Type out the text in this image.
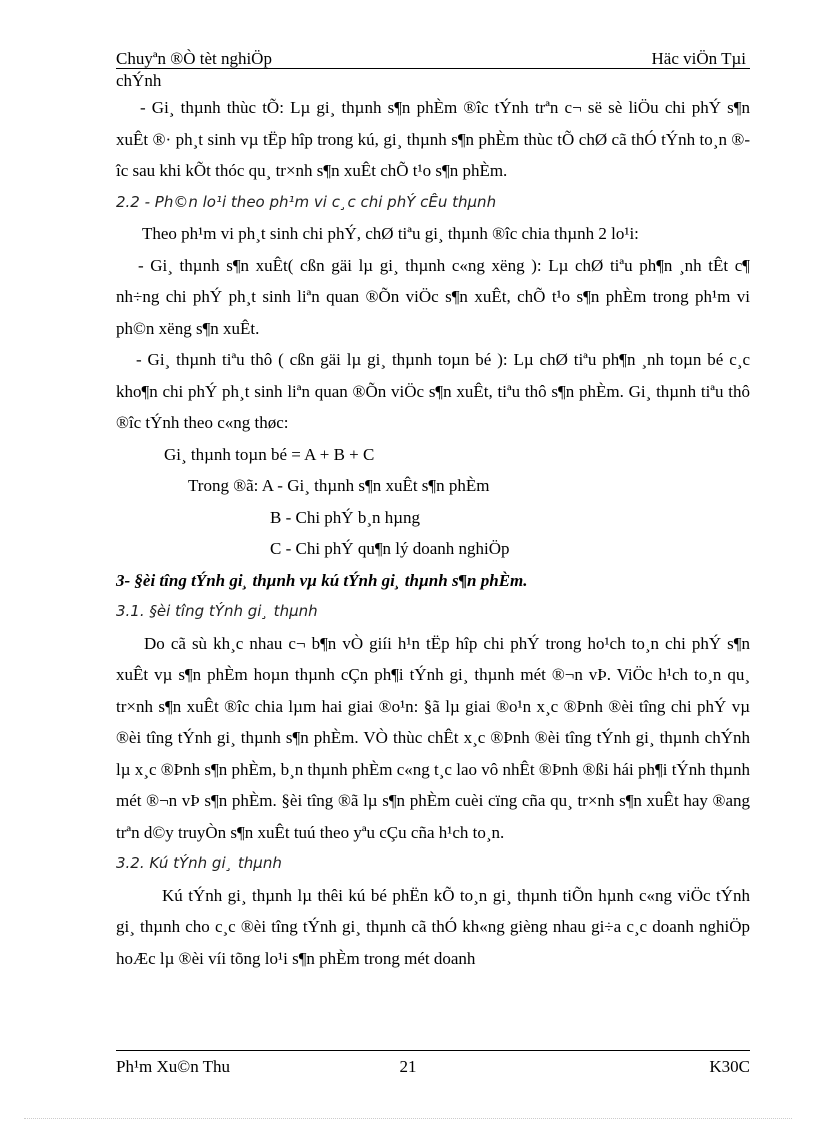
Chuyªn ®Ò tèt nghiÖp	Häc viÖn Tµi
chÝnh

- Gi¸ thµnh thùc tÕ: Lµ gi¸ thµnh s¶n phÈm ®îc tÝnh trªn c¬ së sè liÖu chi phÝ s¶n xuÊt ®· ph¸t sinh vµ tËp hîp trong kú, gi¸ thµnh s¶n phÈm thùc tÕ chØ cã thÓ tÝnh to¸n ®îc sau khi kÕt thóc qu¸ tr×nh s¶n xuÊt chÕ t¹o s¶n phÈm.

2.2 - Ph©n lo¹i theo ph¹m vi c¸c chi phÝ cÊu thµnh

Theo ph¹m vi ph¸t sinh chi phÝ, chØ tiªu gi¸ thµnh ®îc chia thµnh 2 lo¹i:

- Gi¸ thµnh s¶n xuÊt( cßn gäi lµ gi¸ thµnh c«ng xëng ): Lµ chØ tiªu ph¶n ¸nh tÊt c¶ nh÷ng chi phÝ ph¸t sinh liªn quan ®Õn viÖc s¶n xuÊt, chÕ t¹o s¶n phÈm trong ph¹m vi ph©n xëng s¶n xuÊt.

- Gi¸ thµnh tiªu thô ( cßn gäi lµ gi¸ thµnh toµn bé ): Lµ chØ tiªu ph¶n ¸nh toµn bé c¸c kho¶n chi phÝ ph¸t sinh liªn quan ®Õn viÖc s¶n xuÊt, tiªu thô s¶n phÈm. Gi¸ thµnh tiªu thô ®îc tÝnh theo c«ng thøc:

Gi¸ thµnh toµn bé = A + B + C

Trong ®ã: A - Gi¸ thµnh s¶n xuÊt s¶n phÈm

B - Chi phÝ b¸n hµng

C - Chi phÝ qu¶n lý doanh nghiÖp

3- §èi tîng tÝnh gi¸ thµnh vµ kú tÝnh gi¸ thµnh s¶n phÈm.

3.1. §èi tîng tÝnh gi¸ thµnh

Do cã sù kh¸c nhau c¬ b¶n vÒ giíi h¹n tËp hîp chi phÝ trong ho¹ch to¸n chi phÝ s¶n xuÊt vµ s¶n phÈm hoµn thµnh cÇn ph¶i tÝnh gi¸ thµnh mét ®¬n vÞ. ViÖc h¹ch to¸n qu¸ tr×nh s¶n xuÊt ®îc chia lµm hai giai ®o¹n: §ã lµ giai ®o¹n x¸c ®Þnh ®èi tîng chi phÝ vµ ®èi tîng tÝnh gi¸ thµnh s¶n phÈm. VÒ thùc chÊt x¸c ®Þnh ®èi tîng tÝnh gi¸ thµnh chÝnh lµ x¸c ®Þnh s¶n phÈm, b¸n thµnh phÈm c«ng t¸c lao vô nhÊt ®Þnh ®ßi hái ph¶i tÝnh thµnh mét ®¬n vÞ s¶n phÈm. §èi tîng ®ã lµ s¶n phÈm cuèi cïng cña qu¸ tr×nh s¶n xuÊt hay ®ang trªn d©y truyÒn s¶n xuÊt tuú theo yªu cÇu cña h¹ch to¸n.

3.2. Kú tÝnh gi¸ thµnh

Kú tÝnh gi¸ thµnh lµ thêi kú bé phËn kÕ to¸n gi¸ thµnh tiÕn hµnh c«ng viÖc tÝnh gi¸ thµnh cho c¸c ®èi tîng tÝnh gi¸ thµnh cã thÓ kh«ng gièng nhau gi÷a c¸c doanh nghiÖp hoÆc lµ ®èi víi tõng lo¹i s¶n phÈm trong mét doanh

Ph¹m Xu©n Thu	21	K30C
